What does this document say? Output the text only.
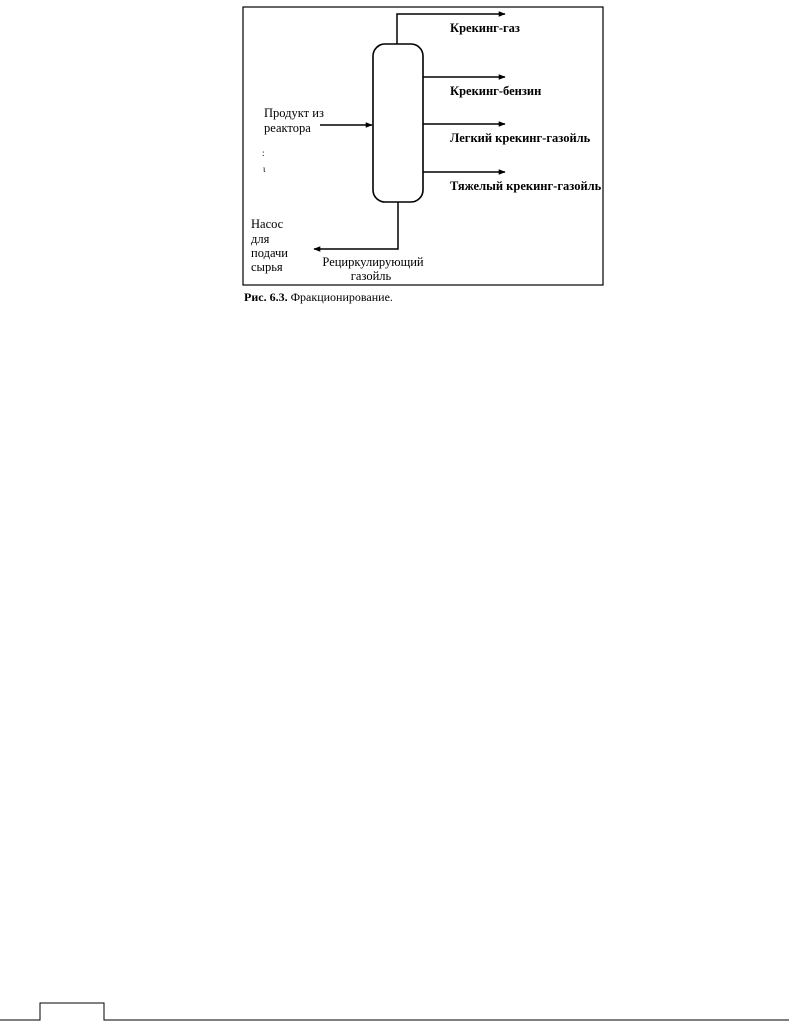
Крекинг-газ
Крекинг-бензин
Легкий крекинг-газойль
Тяжелый крекинг-газойль
Продукт из
реактора
:
ι
Насос
для
подачи
сырья	Рециркулирующий
газойль
Рис. 6.3. Фракционирование.
